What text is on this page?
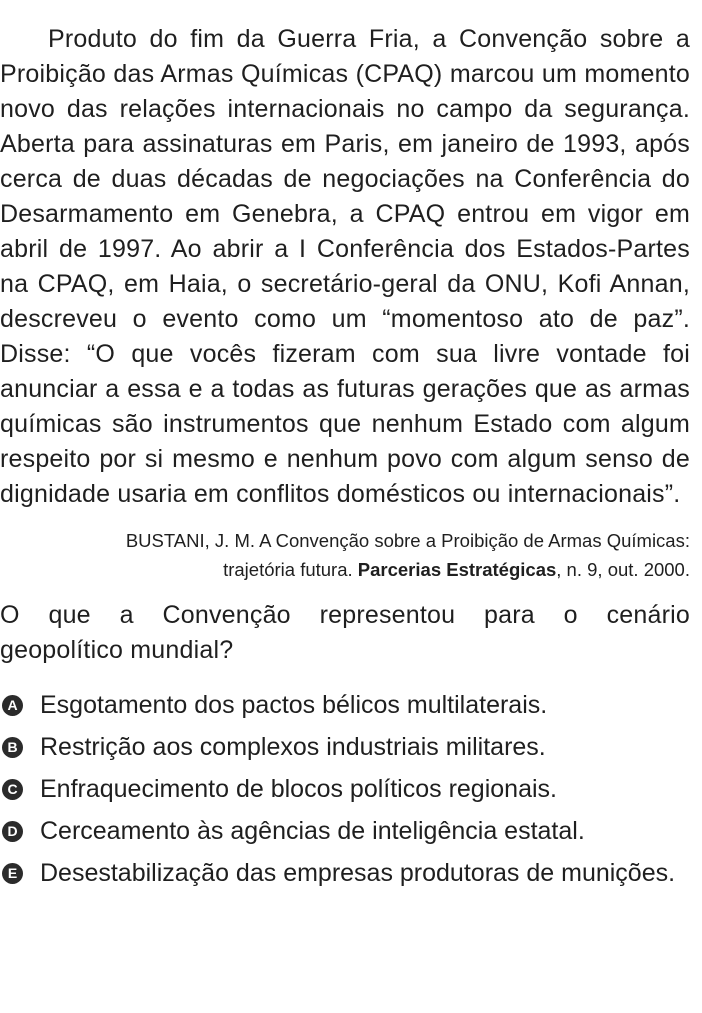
Produto do fim da Guerra Fria, a Convenção sobre a Proibição das Armas Químicas (CPAQ) marcou um momento novo das relações internacionais no campo da segurança. Aberta para assinaturas em Paris, em janeiro de 1993, após cerca de duas décadas de negociações na Conferência do Desarmamento em Genebra, a CPAQ entrou em vigor em abril de 1997. Ao abrir a I Conferência dos Estados-Partes na CPAQ, em Haia, o secretário-geral da ONU, Kofi Annan, descreveu o evento como um “momentoso ato de paz”. Disse: “O que vocês fizeram com sua livre vontade foi anunciar a essa e a todas as futuras gerações que as armas químicas são instrumentos que nenhum Estado com algum respeito por si mesmo e nenhum povo com algum senso de dignidade usaria em conflitos domésticos ou internacionais”.

BUSTANI, J. M. A Convenção sobre a Proibição de Armas Químicas:
trajetória futura. Parcerias Estratégicas, n. 9, out. 2000.
O que a Convenção representou para o cenário
geopolítico mundial?
A Esgotamento dos pactos bélicos multilaterais.
B Restrição aos complexos industriais militares.
C Enfraquecimento de blocos políticos regionais.
D Cerceamento às agências de inteligência estatal.
E Desestabilização das empresas produtoras de munições.
